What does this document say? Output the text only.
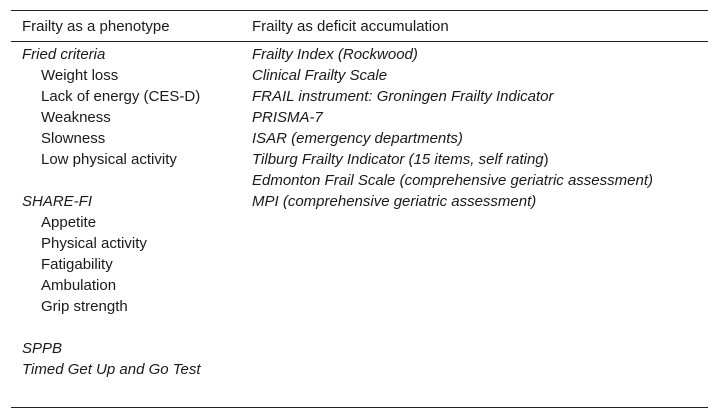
Frailty as a phenotype	Frailty as deficit accumulation
Fried criteria
Weight loss
Lack of energy (CES-D)
Weakness
Slowness
Low physical activity
SHARE-FI
Appetite
Physical activity
Fatigability
Ambulation
Grip strength
SPPB
Timed Get Up and Go Test
Frailty Index (Rockwood)
Clinical Frailty Scale
FRAIL instrument: Groningen Frailty Indicator
PRISMA-7
ISAR (emergency departments)
Tilburg Frailty Indicator (15 items, self rating)
Edmonton Frail Scale (comprehensive geriatric assessment)
MPI (comprehensive geriatric assessment)
